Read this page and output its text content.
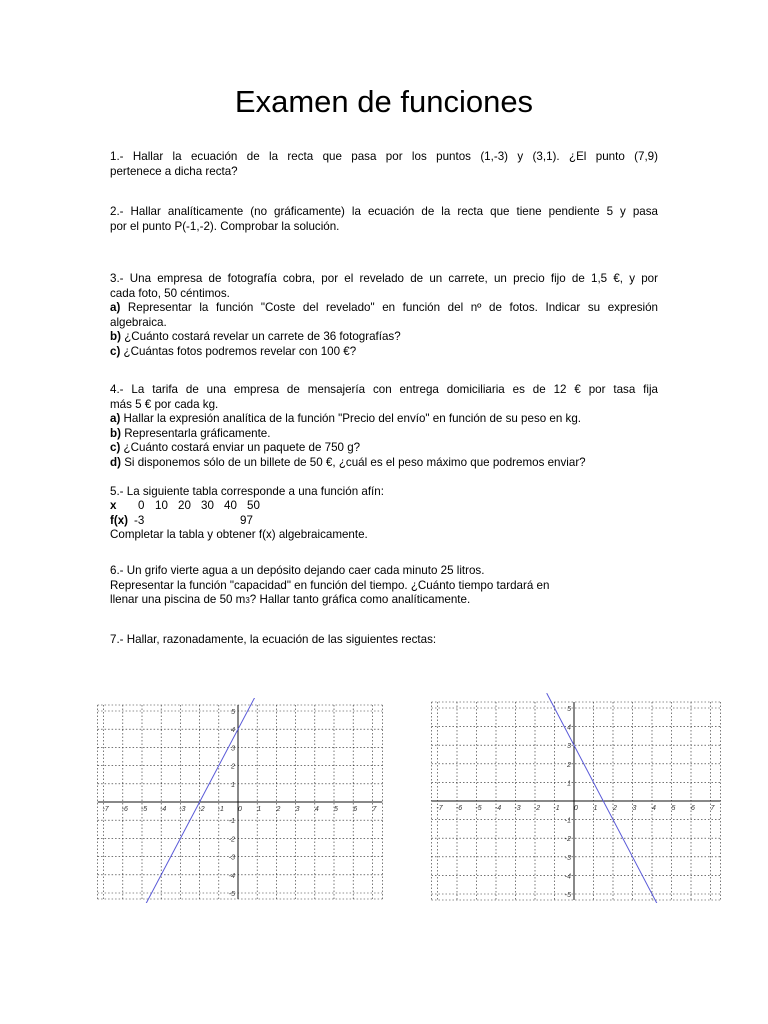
Examen de funciones
1.- Hallar la ecuación de la recta que pasa por los puntos (1,-3) y (3,1). ¿El punto (7,9)
pertenece a dicha recta?
2.- Hallar analíticamente (no gráficamente) la ecuación de la recta que tiene pendiente 5 y pasa
por el punto P(-1,-2). Comprobar la solución.
3.- Una empresa de fotografía cobra, por el revelado de un carrete, un precio fijo de 1,5 €, y por
cada foto, 50 céntimos.
a) Representar la función "Coste del revelado" en función del nº de fotos. Indicar su expresión
algebraica.
b) ¿Cuánto costará revelar un carrete de 36 fotografías?
c) ¿Cuántas fotos podremos revelar con 100 €?
4.- La tarifa de una empresa de mensajería con entrega domiciliaria es de 12 € por tasa fija
más 5 € por cada kg.
a) Hallar la expresión analítica de la función "Precio del envío" en función de su peso en kg.
b) Representarla gráficamente.
c) ¿Cuánto costará enviar un paquete de 750 g?
d) Si disponemos sólo de un billete de 50 €, ¿cuál es el peso máximo que podremos enviar?
5.- La siguiente tabla corresponde a una función afín:
x 0 10 20 30 40 50
f(x) -3	97
Completar la tabla y obtener f(x) algebraicamente.
6.- Un grifo vierte agua a un depósito dejando caer cada minuto 25 litros.
Representar la función "capacidad" en función del tiempo. ¿Cuánto tiempo tardará en
llenar una piscina de 50 m3? Hallar tanto gráfica como analíticamente.
7.- Hallar, razonadamente, la ecuación de las siguientes rectas:
-7 -6 -5 -4 -3 -2 -1 0 1 2 3 4 5 6 7
5
4
3
2
1
-1
-2
-3
-4
-5
-7 -6 -5 -4 -3 -2 -1 0 1 2 3 4 5 6 7
5
4
3
2
1
-1
-2
-3
-4
-5
